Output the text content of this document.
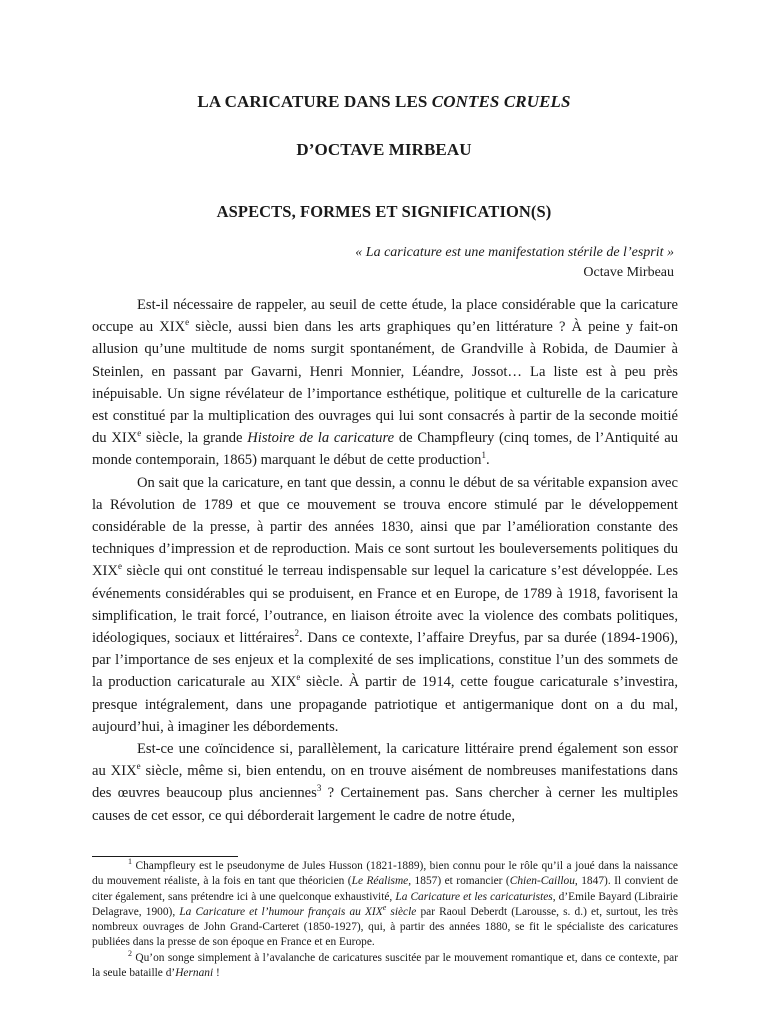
LA CARICATURE DANS LES CONTES CRUELS
D’OCTAVE MIRBEAU
ASPECTS, FORMES ET SIGNIFICATION(S)
« La caricature est une manifestation stérile de l’esprit »
Octave Mirbeau

Est-il nécessaire de rappeler, au seuil de cette étude, la place considérable que la caricature occupe au XIXe siècle, aussi bien dans les arts graphiques qu’en littérature ? À peine y fait-on allusion qu’une multitude de noms surgit spontanément, de Grandville à Robida, de Daumier à Steinlen, en passant par Gavarni, Henri Monnier, Léandre, Jossot… La liste est à peu près inépuisable. Un signe révélateur de l’importance esthétique, politique et culturelle de la caricature est constitué par la multiplication des ouvrages qui lui sont consacrés à partir de la seconde moitié du XIXe siècle, la grande Histoire de la caricature de Champfleury (cinq tomes, de l’Antiquité au monde contemporain, 1865) marquant le début de cette production$^1$.

On sait que la caricature, en tant que dessin, a connu le début de sa véritable expansion avec la Révolution de 1789 et que ce mouvement se trouva encore stimulé par le développement considérable de la presse, à partir des années 1830, ainsi que par l’amélioration constante des techniques d’impression et de reproduction. Mais ce sont surtout les bouleversements politiques du XIXe siècle qui ont constitué le terreau indispensable sur lequel la caricature s’est développée. Les événements considérables qui se produisent, en France et en Europe, de 1789 à 1918, favorisent la simplification, le trait forcé, l’outrance, en liaison étroite avec la violence des combats politiques, idéologiques, sociaux et littéraires$^2$. Dans ce contexte, l’affaire Dreyfus, par sa durée (1894-1906), par l’importance de ses enjeux et la complexité de ses implications, constitue l’un des sommets de la production caricaturale au XIXe siècle. À partir de 1914, cette fougue caricaturale s’investira, presque intégralement, dans une propagande patriotique et antigermanique dont on a du mal, aujourd’hui, à imaginer les débordements.

Est-ce une coïncidence si, parallèlement, la caricature littéraire prend également son essor au XIXe siècle, même si, bien entendu, on en trouve aisément de nombreuses manifestations dans des œuvres beaucoup plus anciennes$^3$ ? Certainement pas. Sans chercher à cerner les multiples causes de cet essor, ce qui déborderait largement le cadre de notre étude,

$^1$ Champfleury est le pseudonyme de Jules Husson (1821-1889), bien connu pour le rôle qu’il a joué dans la naissance du mouvement réaliste, à la fois en tant que théoricien (Le Réalisme, 1857) et romancier (Chien-Caillou, 1847). Il convient de citer également, sans prétendre ici à une quelconque exhaustivité, La Caricature et les caricaturistes, d’Emile Bayard (Librairie Delagrave, 1900), La Caricature et l’humour français au XIXe siècle par Raoul Deberdt (Larousse, s. d.) et, surtout, les très nombreux ouvrages de John Grand-Carteret (1850-1927), qui, à partir des années 1880, se fit le spécialiste des caricatures publiées dans la presse de son époque en France et en Europe.

$^2$ Qu’on songe simplement à l’avalanche de caricatures suscitée par le mouvement romantique et, dans ce contexte, par la seule bataille d’Hernani !
